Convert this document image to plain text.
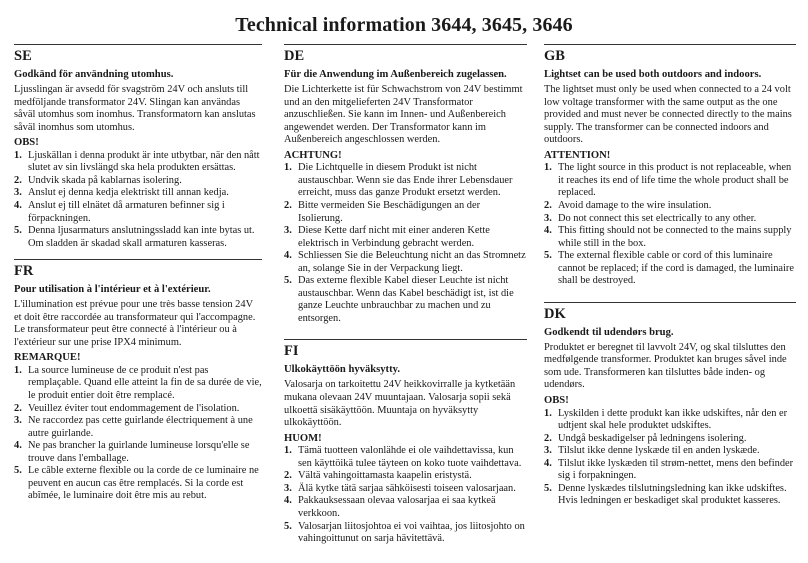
Technical information 3644, 3645, 3646
SE
Godkänd för användning utomhus.

Ljusslingan är avsedd för svagström 24V och ansluts till medföljande transformator 24V. Slingan kan användas såväl utomhus som inomhus. Transformatorn kan anslutas såväl inomhus som utomhus.

OBS!
1. Ljuskällan i denna produkt är inte utbytbar, när den nått slutet av sin livslängd ska hela produkten ersättas.
2. Undvik skada på kablarnas isolering.
3. Anslut ej denna kedja elektriskt till annan kedja.
4. Anslut ej till elnätet då armaturen befinner sig i förpackningen.
5. Denna ljusarmaturs anslutningssladd kan inte bytas ut. Om sladden är skadad skall armaturen kasseras.
FR
Pour utilisation à l'intérieur et à l'extérieur.

L'illumination est prévue pour une très basse tension 24V et doit être raccordée au transformateur qui l'accompagne. Le transformateur peut être connecté à l'intérieur ou à l'extérieur sur une prise IPX4 minimum.

REMARQUE!
1. La source lumineuse de ce produit n'est pas remplaçable. Quand elle atteint la fin de sa durée de vie, le produit entier doit être remplacé.
2. Veuillez éviter tout endommagement de l'isolation.
3. Ne raccordez pas cette guirlande électriquement à une autre guirlande.
4. Ne pas brancher la guirlande lumineuse lorsqu'elle se trouve dans l'emballage.
5. Le câble externe flexible ou la corde de ce luminaire ne peuvent en aucun cas être remplacés. Si la corde est abîmée, le luminaire doit être mis au rebut.
DE
Für die Anwendung im Außenbereich zugelassen.

Die Lichterkette ist für Schwachstrom von 24V bestimmt und an den mitgelieferten 24V Transformator anzuschließen. Sie kann im Innen- und Außenbereich angewendet werden. Der Transformator kann im Außenbereich angeschlossen werden.

ACHTUNG!
1. Die Lichtquelle in diesem Produkt ist nicht austauschbar. Wenn sie das Ende ihrer Lebensdauer erreicht, muss das ganze Produkt ersetzt werden.
2. Bitte vermeiden Sie Beschädigungen an der Isolierung.
3. Diese Kette darf nicht mit einer anderen Kette elektrisch in Verbindung gebracht werden.
4. Schliessen Sie die Beleuchtung nicht an das Stromnetz an, solange Sie in der Verpackung liegt.
5. Das externe flexible Kabel dieser Leuchte ist nicht austauschbar. Wenn das Kabel beschädigt ist, ist die ganze Leuchte unbrauchbar zu machen und zu entsorgen.
FI
Ulkokäyttöön hyväksytty.

Valosarja on tarkoitettu 24V heikkovirralle ja kytketään mukana olevaan 24V muuntajaan. Valosarja sopii sekä ulkoettä sisäkäyttöön. Muuntaja on hyväksytty ulkokäyttöön.

HUOM!
1. Tämä tuotteen valonlähde ei ole vaihdettavissa, kun sen käyttöikä tulee täyteen on koko tuote vaihdettava.
2. Vältä vahingoittamasta kaapelin eristystä.
3. Älä kytke tätä sarjaa sähköisesti toiseen valosarjaan.
4. Pakkauksessaan olevaa valosarjaa ei saa kytkeä verkkoon.
5. Valosarjan liitosjohtoa ei voi vaihtaa, jos liitosjohto on vahingoittunut on sarja hävitettävä.
GB
Lightset can be used both outdoors and indoors.

The lightset must only be used when connected to a 24 volt low voltage transformer with the same output as the one provided and must never be connected directly to the mains supply. The transformer can be connected indoors and outdoors.

ATTENTION!
1. The light source in this product is not replaceable, when it reaches its end of life time the whole product shall be replaced.
2. Avoid damage to the wire insulation.
3. Do not connect this set electrically to any other.
4. This fitting should not be connected to the mains supply while still in the box.
5. The external flexible cable or cord of this luminaire cannot be replaced; if the cord is damaged, the luminaire shall be destroyed.
DK
Godkendt til udendørs brug.

Produktet er beregnet til lavvolt 24V, og skal tilsluttes den medfølgende transformer. Produktet kan bruges såvel inde som ude. Transformeren kan tilsluttes både inden- og udendørs.

OBS!
1. Lyskilden i dette produkt kan ikke udskiftes, når den er udtjent skal hele produktet udskiftes.
2. Undgå beskadigelser på ledningens isolering.
3. Tilslut ikke denne lyskæde til en anden lyskæde.
4. Tilslut ikke lyskæden til strøm-nettet, mens den befinder sig i forpakningen.
5. Denne lyskædes tilslutningsledning kan ikke udskiftes. Hvis ledningen er beskadiget skal produktet kasseres.
